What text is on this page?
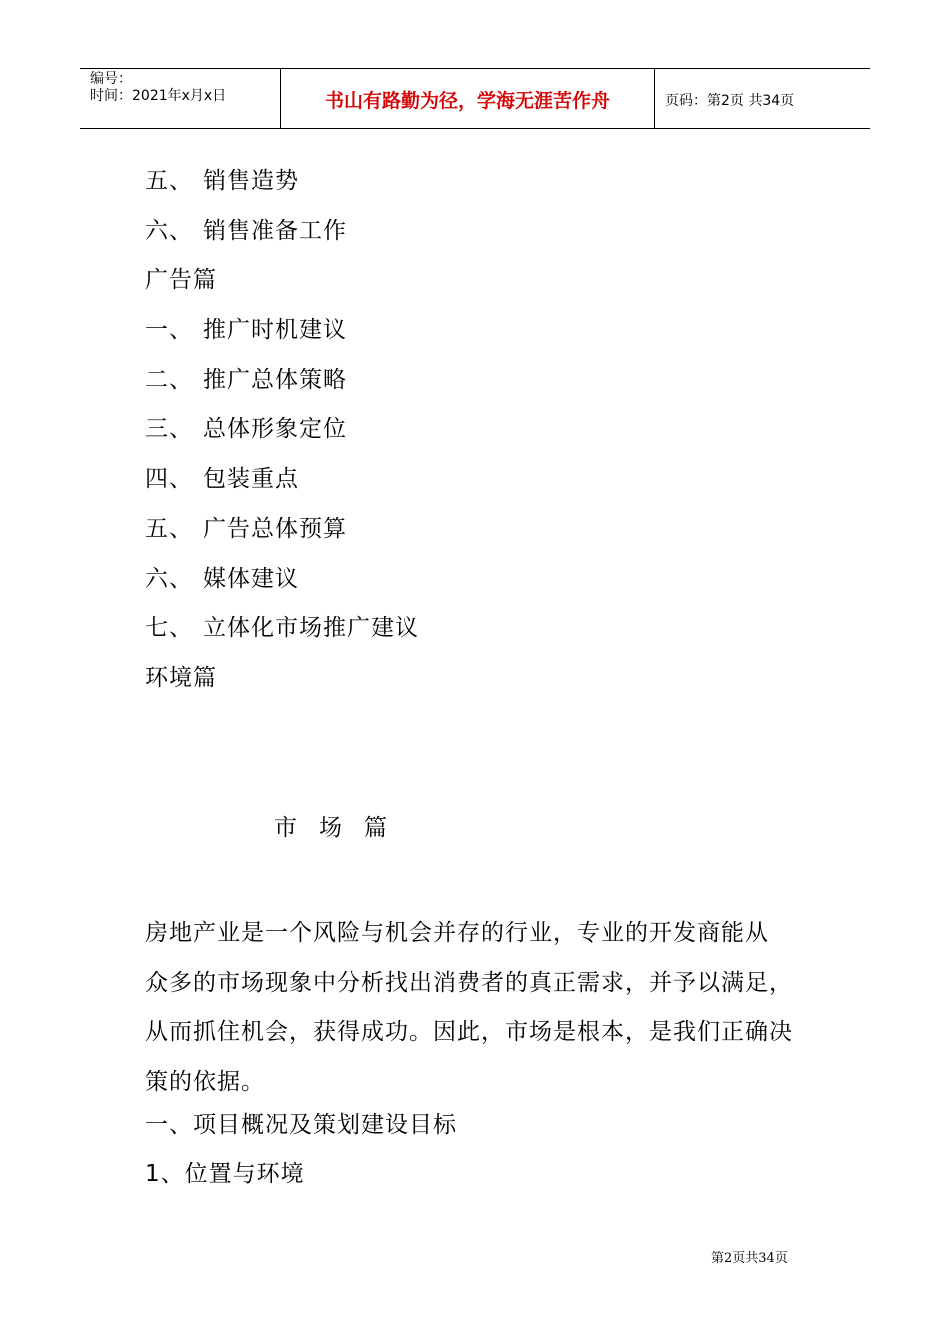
编号：
时间：2021年x月x日	书山有路勤为径，学海无涯苦作舟	页码：第2页 共34页
五、 销售造势
六、 销售准备工作
广告篇
一、 推广时机建议
二、 推广总体策略
三、 总体形象定位
四、 包装重点
五、 广告总体预算
六、 媒体建议
七、 立体化市场推广建议
环境篇
市场篇
房地产业是一个风险与机会并存的行业，专业的开发商能从
众多的市场现象中分析找出消费者的真正需求，并予以满足，
从而抓住机会，获得成功。因此，市场是根本，是我们正确决
策的依据。
一、项目概况及策划建设目标
1、位置与环境
第2页共34页
